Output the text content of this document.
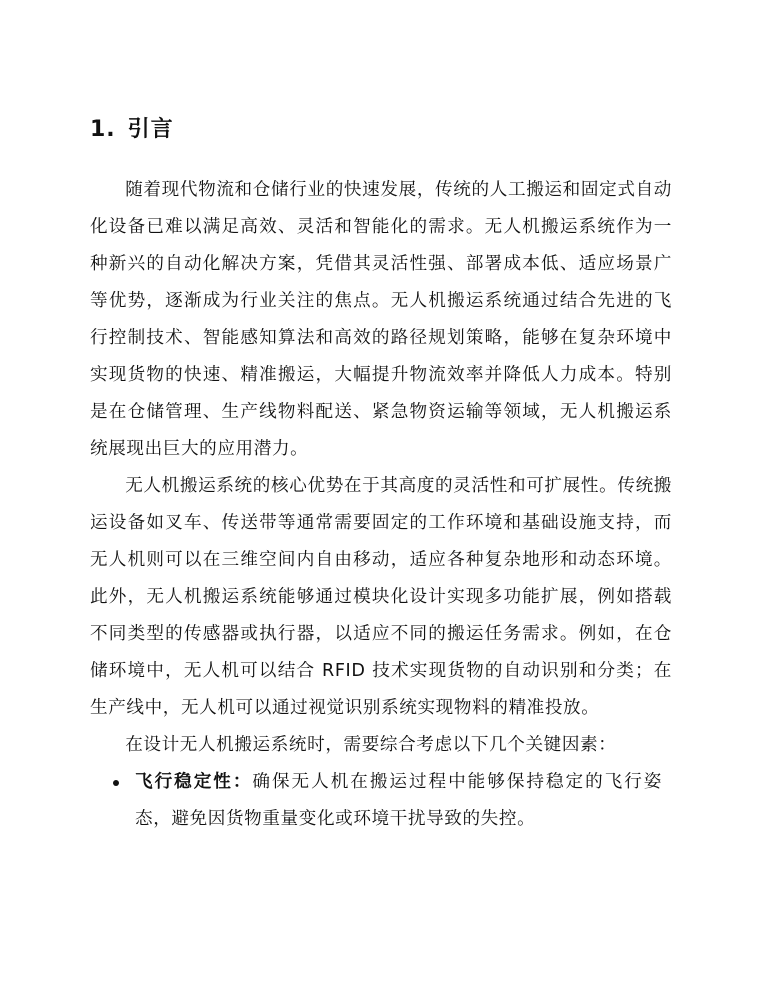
1. 引言

随着现代物流和仓储行业的快速发展，传统的人工搬运和固定式自动化设备已难以满足高效、灵活和智能化的需求。无人机搬运系统作为一种新兴的自动化解决方案，凭借其灵活性强、部署成本低、适应场景广等优势，逐渐成为行业关注的焦点。无人机搬运系统通过结合先进的飞行控制技术、智能感知算法和高效的路径规划策略，能够在复杂环境中实现货物的快速、精准搬运，大幅提升物流效率并降低人力成本。特别是在仓储管理、生产线物料配送、紧急物资运输等领域，无人机搬运系统展现出巨大的应用潜力。

无人机搬运系统的核心优势在于其高度的灵活性和可扩展性。传统搬运设备如叉车、传送带等通常需要固定的工作环境和基础设施支持，而无人机则可以在三维空间内自由移动，适应各种复杂地形和动态环境。此外，无人机搬运系统能够通过模块化设计实现多功能扩展，例如搭载不同类型的传感器或执行器，以适应不同的搬运任务需求。例如，在仓储环境中，无人机可以结合 RFID 技术实现货物的自动识别和分类；在生产线中，无人机可以通过视觉识别系统实现物料的精准投放。

在设计无人机搬运系统时，需要综合考虑以下几个关键因素：

飞行稳定性：确保无人机在搬运过程中能够保持稳定的飞行姿态，避免因货物重量变化或环境干扰导致的失控。
